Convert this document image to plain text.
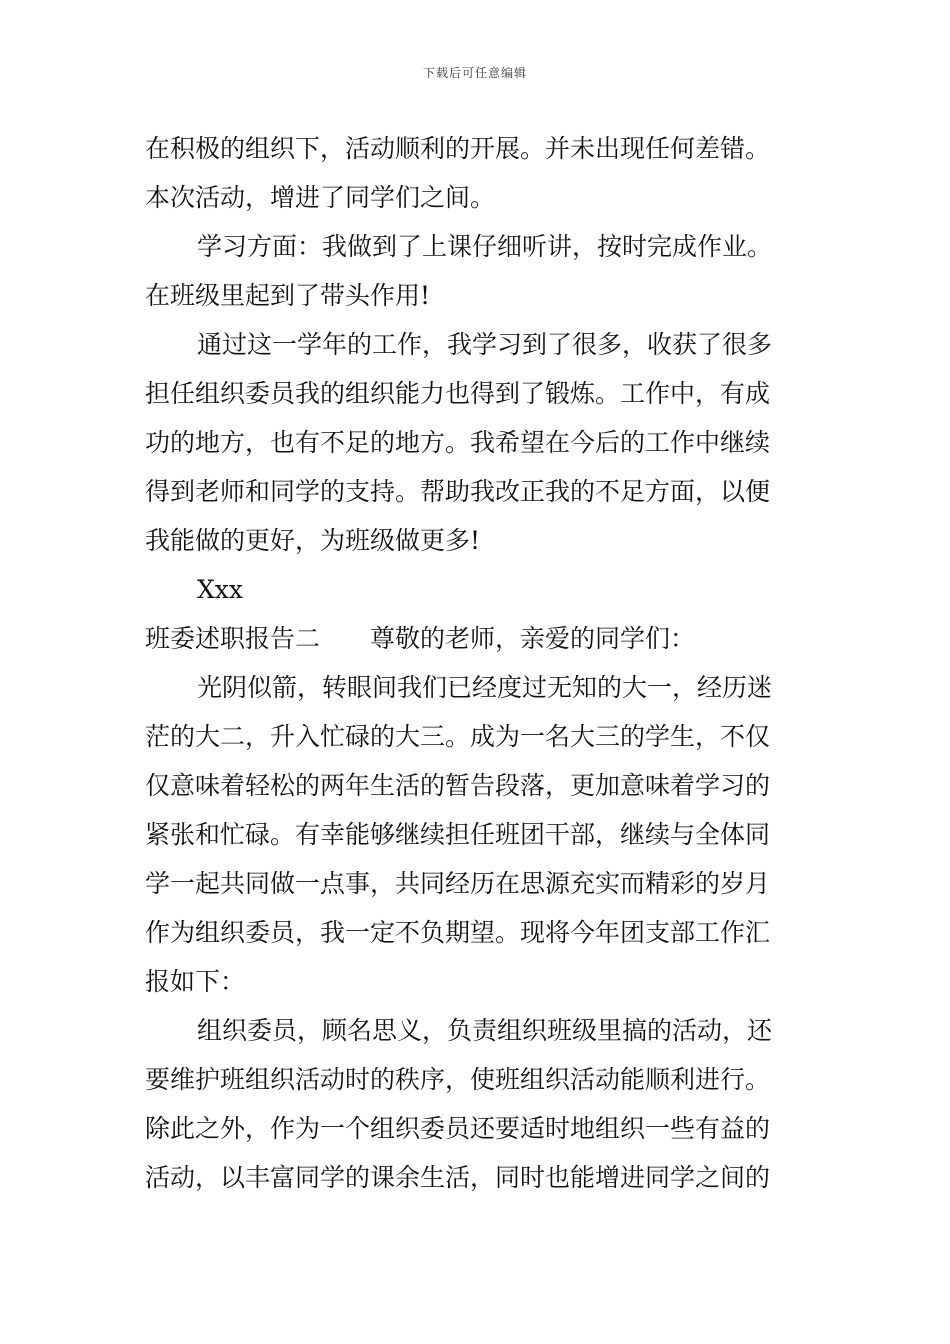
下载后可任意编辑
在积极的组织下，活动顺利的开展。并未出现任何差错。
本次活动，增进了同学们之间。
学习方面：我做到了上课仔细听讲，按时完成作业。
在班级里起到了带头作用!
通过这一学年的工作，我学习到了很多，收获了很多
担任组织委员我的组织能力也得到了锻炼。工作中，有成
功的地方，也有不足的地方。我希望在今后的工作中继续
得到老师和同学的支持。帮助我改正我的不足方面，以便
我能做的更好，为班级做更多!
Xxx
班委述职报告二 尊敬的老师，亲爱的同学们：
光阴似箭，转眼间我们已经度过无知的大一，经历迷
茫的大二，升入忙碌的大三。成为一名大三的学生，不仅
仅意味着轻松的两年生活的暂告段落，更加意味着学习的
紧张和忙碌。有幸能够继续担任班团干部，继续与全体同
学一起共同做一点事，共同经历在思源充实而精彩的岁月
作为组织委员，我一定不负期望。现将今年团支部工作汇
报如下：
组织委员，顾名思义，负责组织班级里搞的活动，还
要维护班组织活动时的秩序，使班组织活动能顺利进行。
除此之外，作为一个组织委员还要适时地组织一些有益的
活动，以丰富同学的课余生活，同时也能增进同学之间的
